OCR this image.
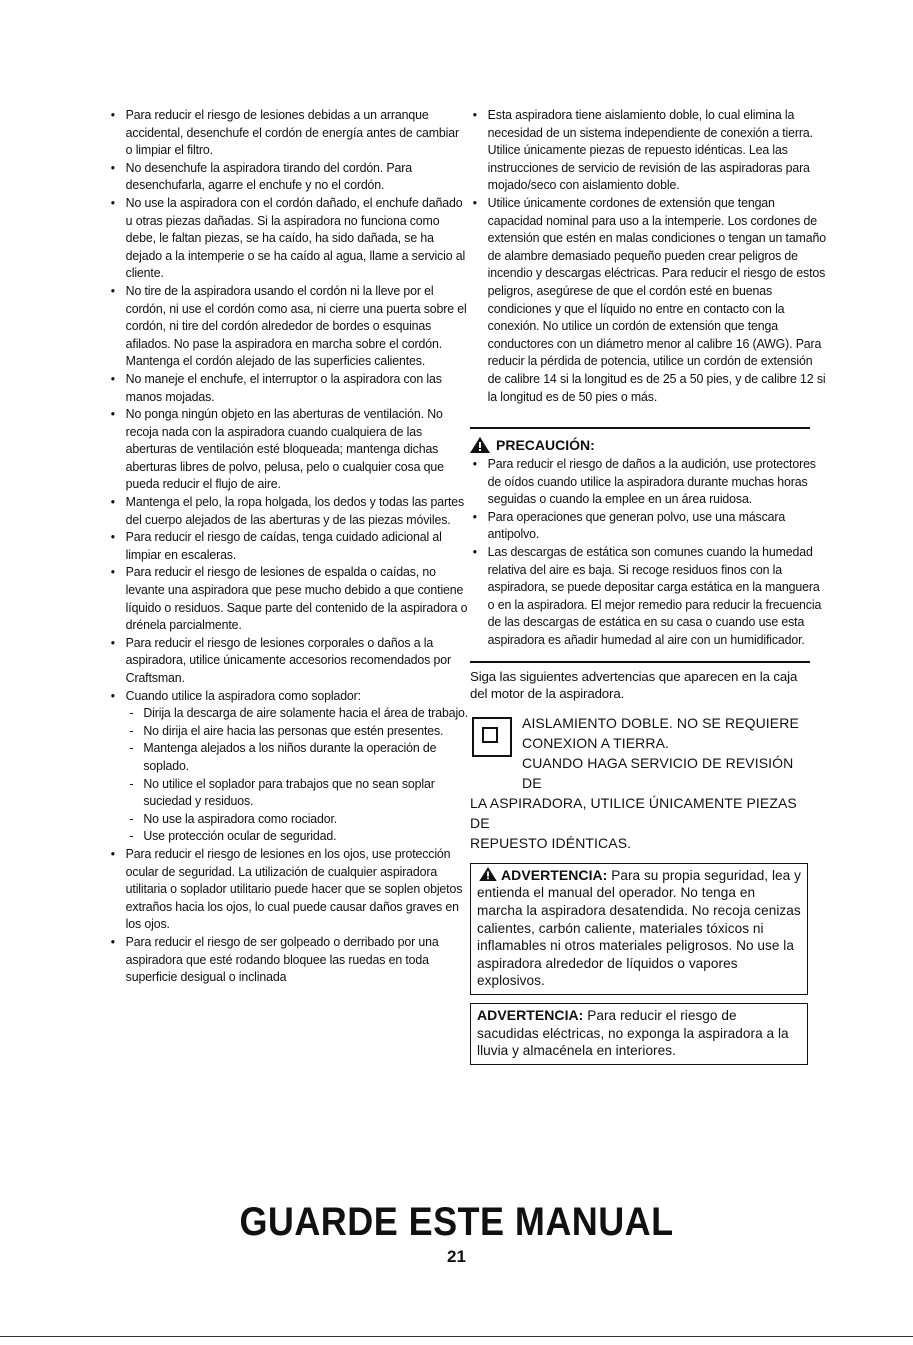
• Para reducir el riesgo de lesiones debidas a un arranque accidental, desenchufe el cordón de energía antes de cambiar o limpiar el filtro.
• No desenchufe la aspiradora tirando del cordón. Para desenchufarla, agarre el enchufe y no el cordón.
• No use la aspiradora con el cordón dañado, el enchufe dañado u otras piezas dañadas. Si la aspiradora no funciona como debe, le faltan piezas, se ha caído, ha sido dañada, se ha dejado a la intemperie o se ha caído al agua, llame a servicio al cliente.
• No tire de la aspiradora usando el cordón ni la lleve por el cordón, ni use el cordón como asa, ni cierre una puerta sobre el cordón, ni tire del cordón alrededor de bordes o esquinas afilados. No pase la aspiradora en marcha sobre el cordón. Mantenga el cordón alejado de las superficies calientes.
• No maneje el enchufe, el interruptor o la aspiradora con las manos mojadas.
• No ponga ningún objeto en las aberturas de ventilación. No recoja nada con la aspiradora cuando cualquiera de las aberturas de ventilación esté bloqueada; mantenga dichas aberturas libres de polvo, pelusa, pelo o cualquier cosa que pueda reducir el flujo de aire.
• Mantenga el pelo, la ropa holgada, los dedos y todas las partes del cuerpo alejados de las aberturas y de las piezas móviles.
• Para reducir el riesgo de caídas, tenga cuidado adicional al limpiar en escaleras.
• Para reducir el riesgo de lesiones de espalda o caídas, no levante una aspiradora que pese mucho debido a que contiene líquido o residuos. Saque parte del contenido de la aspiradora o drénela parcialmente.
• Para reducir el riesgo de lesiones corporales o daños a la aspiradora, utilice únicamente accesorios recomendados por Craftsman.
• Cuando utilice la aspiradora como soplador:
- Dirija la descarga de aire solamente hacia el área de trabajo.
- No dirija el aire hacia las personas que estén presentes.
- Mantenga alejados a los niños durante la operación de soplado.
- No utilice el soplador para trabajos que no sean soplar suciedad y residuos.
- No use la aspiradora como rociador.
- Use protección ocular de seguridad.
• Para reducir el riesgo de lesiones en los ojos, use protección ocular de seguridad. La utilización de cualquier aspiradora utilitaria o soplador utilitario puede hacer que se soplen objetos extraños hacia los ojos, lo cual puede causar daños graves en los ojos.
• Para reducir el riesgo de ser golpeado o derribado por una aspiradora que esté rodando bloquee las ruedas en toda superficie desigual o inclinada
• Esta aspiradora tiene aislamiento doble, lo cual elimina la necesidad de un sistema independiente de conexión a tierra. Utilice únicamente piezas de repuesto idénticas. Lea las instrucciones de servicio de revisión de las aspiradoras para mojado/seco con aislamiento doble.
• Utilice únicamente cordones de extensión que tengan capacidad nominal para uso a la intemperie. Los cordones de extensión que estén en malas condiciones o tengan un tamaño de alambre demasiado pequeño pueden crear peligros de incendio y descargas eléctricas. Para reducir el riesgo de estos peligros, asegúrese de que el cordón esté en buenas condiciones y que el líquido no entre en contacto con la conexión. No utilice un cordón de extensión que tenga conductores con un diámetro menor al calibre 16 (AWG). Para reducir la pérdida de potencia, utilice un cordón de extensión de calibre 14 si la longitud es de 25 a 50 pies, y de calibre 12 si la longitud es de 50 pies o más.
PRECAUCIÓN:
• Para reducir el riesgo de daños a la audición, use protectores de oídos cuando utilice la aspiradora durante muchas horas seguidas o cuando la emplee en un área ruidosa.
• Para operaciones que generan polvo, use una máscara antipolvo.
• Las descargas de estática son comunes cuando la humedad relativa del aire es baja. Si recoge residuos finos con la aspiradora, se puede depositar carga estática en la manguera o en la aspiradora. El mejor remedio para reducir la frecuencia de las descargas de estática en su casa o cuando use esta aspiradora es añadir humedad al aire con un humidificador.

Siga las siguientes advertencias que aparecen en la caja del motor de la aspiradora.

AISLAMIENTO DOBLE. NO SE REQUIERE
CONEXION A TIERRA.
CUANDO HAGA SERVICIO DE REVISIÓN DE
LA ASPIRADORA, UTILICE ÚNICAMENTE PIEZAS DE
REPUESTO IDÉNTICAS.
ADVERTENCIA: Para su propia seguridad, lea y entienda el manual del operador. No tenga en marcha la aspiradora desatendida. No recoja cenizas calientes, carbón caliente, materiales tóxicos ni inflamables ni otros materiales peligrosos. No use la aspiradora alrededor de líquidos o vapores explosivos.
ADVERTENCIA: Para reducir el riesgo de sacudidas eléctricas, no exponga la aspiradora a la lluvia y almacénela en interiores.
GUARDE ESTE MANUAL
21
